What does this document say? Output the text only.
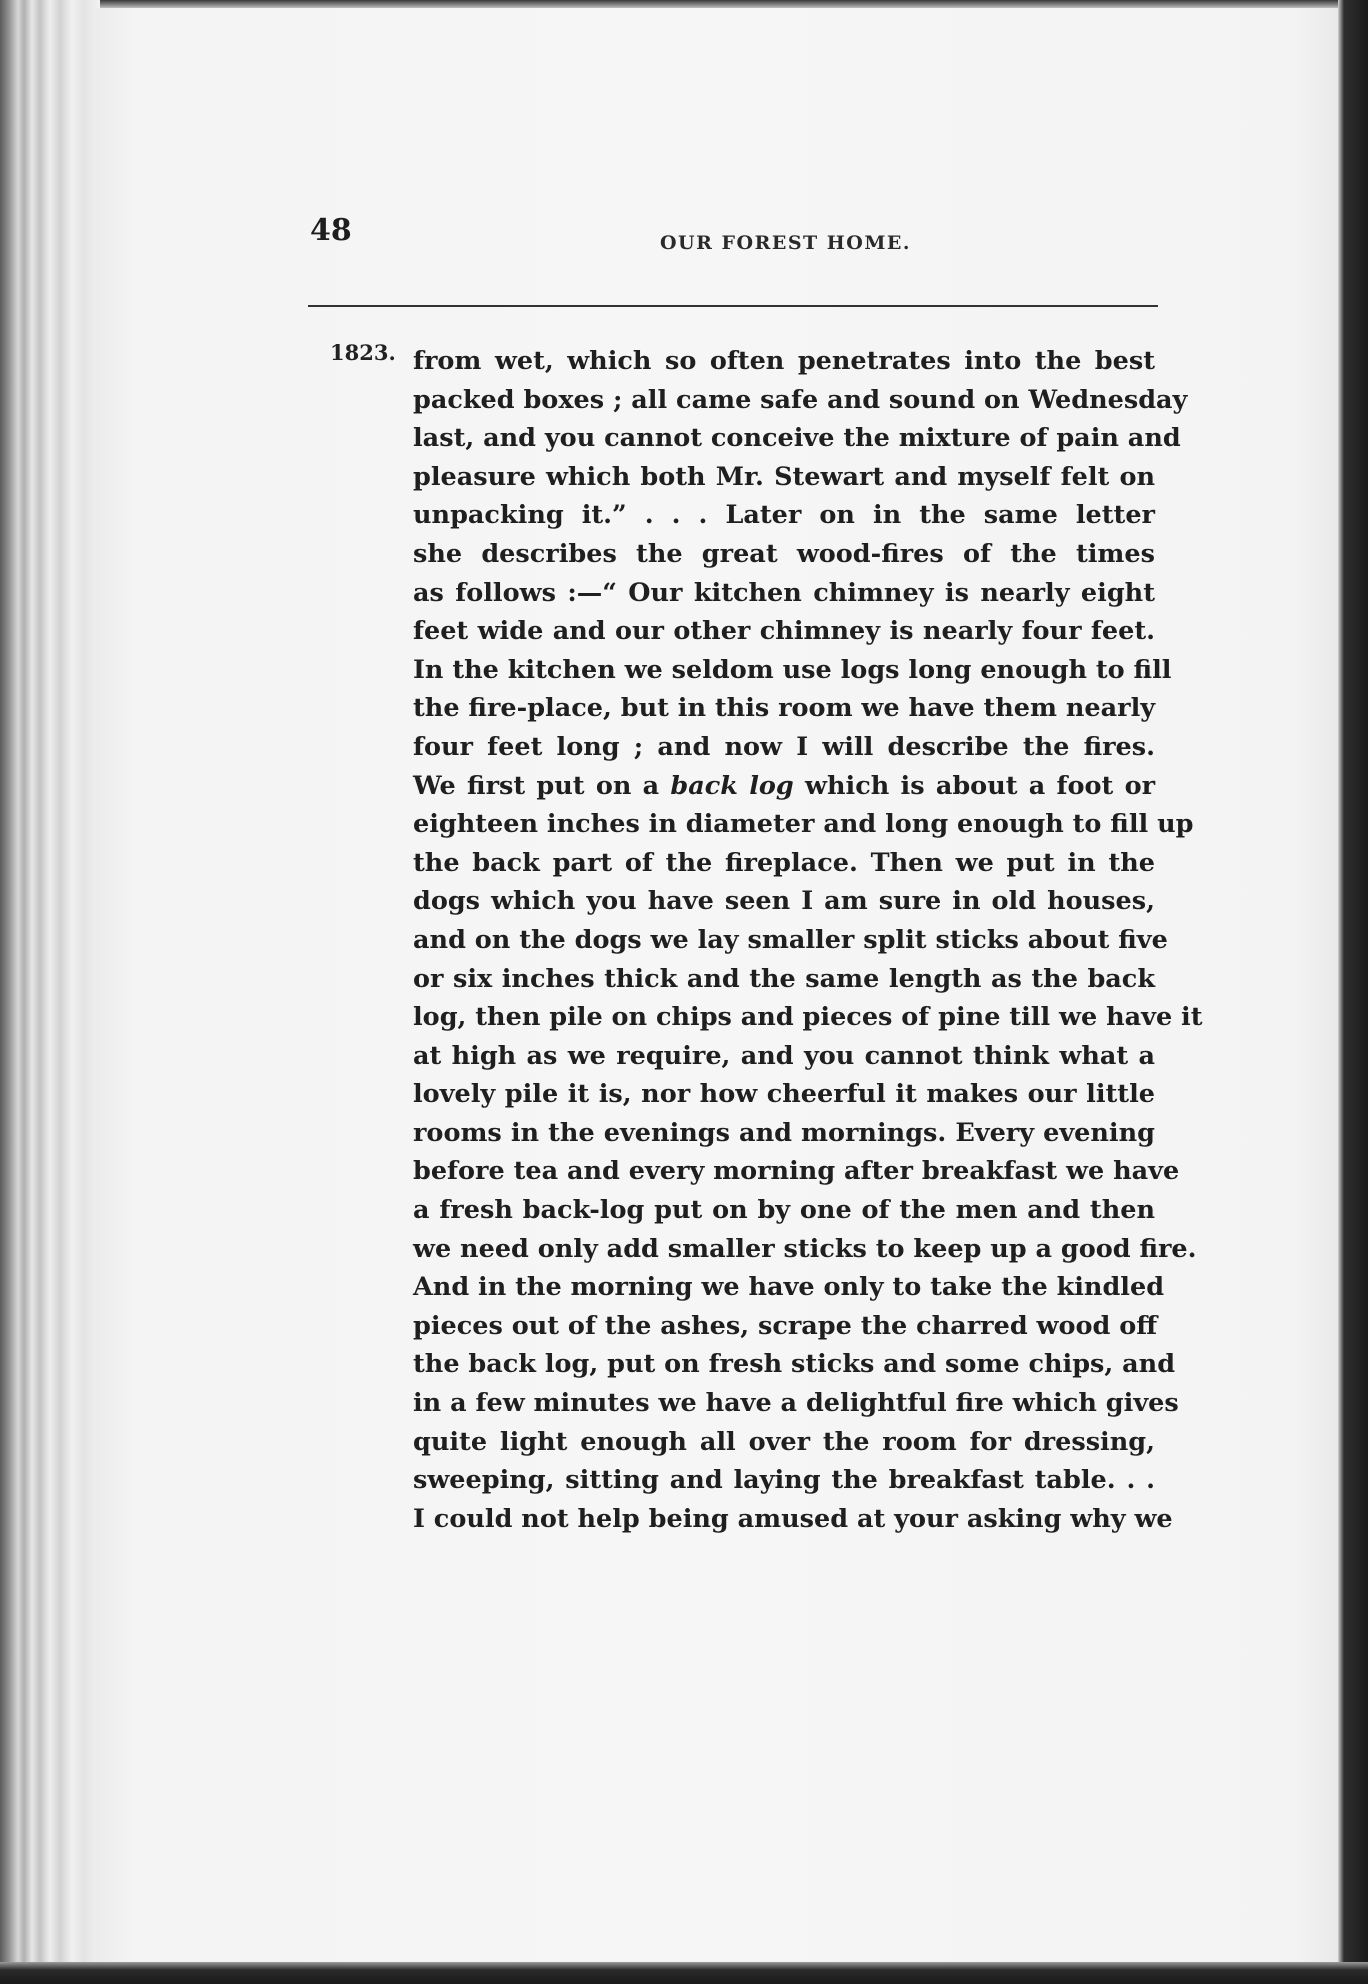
48	OUR FOREST HOME.
1823. from wet, which so often penetrates into the best
packed boxes ; all came safe and sound on Wednesday
last, and you cannot conceive the mixture of pain and
pleasure which both Mr. Stewart and myself felt on
unpacking it.” . . . Later on in the same letter
she describes the great wood-fires of the times
as follows :—“ Our kitchen chimney is nearly eight
feet wide and our other chimney is nearly four feet.
In the kitchen we seldom use logs long enough to fill
the fire-place, but in this room we have them nearly
four feet long ; and now I will describe the fires.
We first put on a back log which is about a foot or
eighteen inches in diameter and long enough to fill up
the back part of the fireplace. Then we put in the
dogs which you have seen I am sure in old houses,
and on the dogs we lay smaller split sticks about five
or six inches thick and the same length as the back
log, then pile on chips and pieces of pine till we have it
at high as we require, and you cannot think what a
lovely pile it is, nor how cheerful it makes our little
rooms in the evenings and mornings. Every evening
before tea and every morning after breakfast we have
a fresh back-log put on by one of the men and then
we need only add smaller sticks to keep up a good fire.
And in the morning we have only to take the kindled
pieces out of the ashes, scrape the charred wood off
the back log, put on fresh sticks and some chips, and
in a few minutes we have a delightful fire which gives
quite light enough all over the room for dressing,
sweeping, sitting and laying the breakfast table. . .
I could not help being amused at your asking why we
